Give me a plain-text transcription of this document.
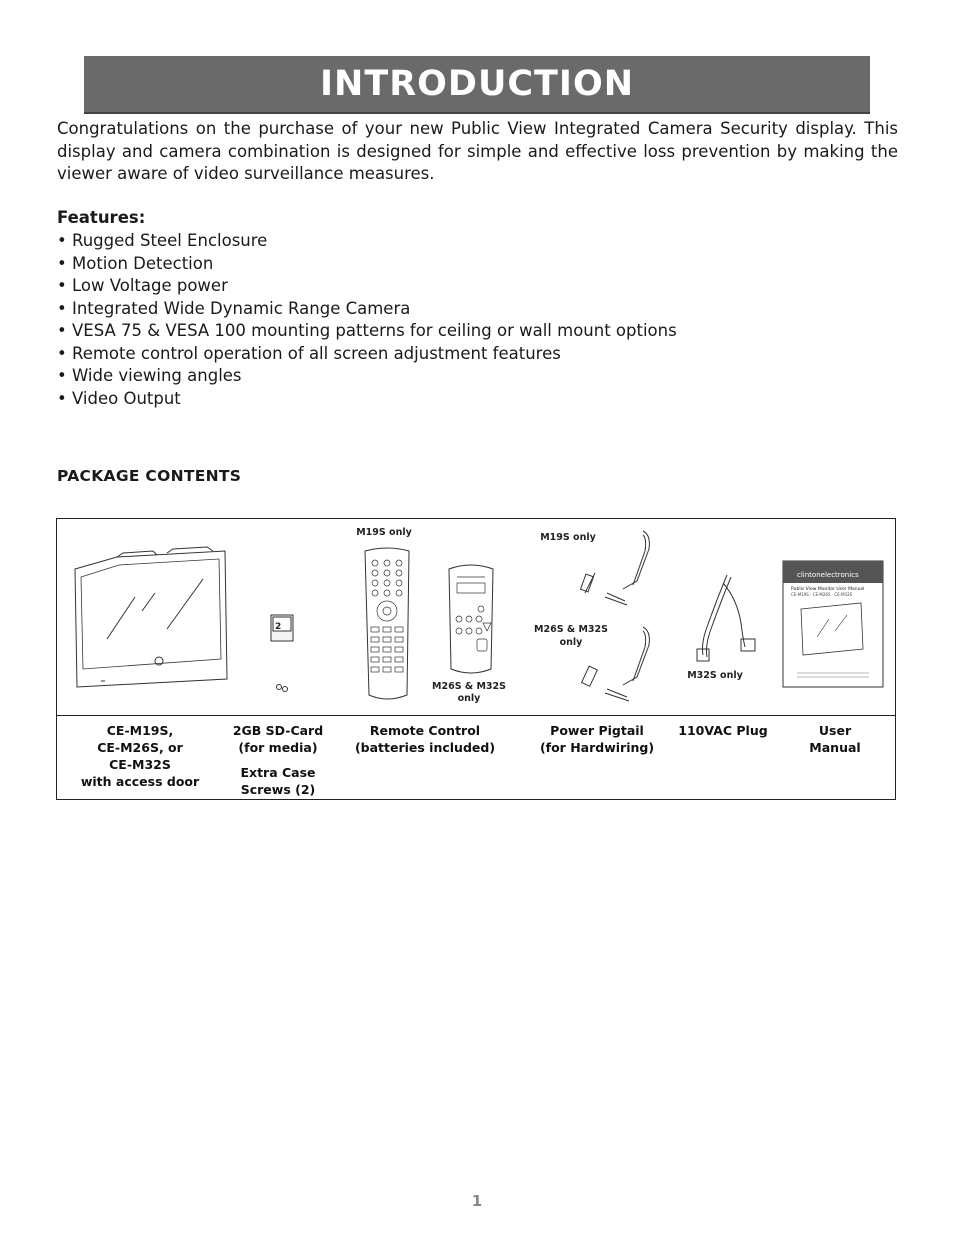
INTRODUCTION
Congratulations on the purchase of your new Public View Integrated Camera Security display. This display and camera combination is designed for simple and effective loss prevention by making the viewer aware of video surveillance measures.
Features:
• Rugged Steel Enclosure
• Motion Detection
• Low Voltage power
• Integrated Wide Dynamic Range Camera
• VESA 75 & VESA 100 mounting patterns for ceiling or wall mount options
• Remote control operation of all screen adjustment features
• Wide viewing angles
• Video Output
PACKAGE CONTENTS
2
clintonelectronics
Public View Monitor User Manual
CE-M19S · CE-M26S · CE-M32S
M19S only
M26S & M32S
only
M19S only
M26S & M32S
only
M32S only
CE-M19S,
CE-M26S, or
CE-M32S
with access door
2GB SD-Card
(for media)
Extra Case
Screws (2)
Remote Control
(batteries included)
Power Pigtail
(for Hardwiring)
110VAC Plug	User
Manual
1
